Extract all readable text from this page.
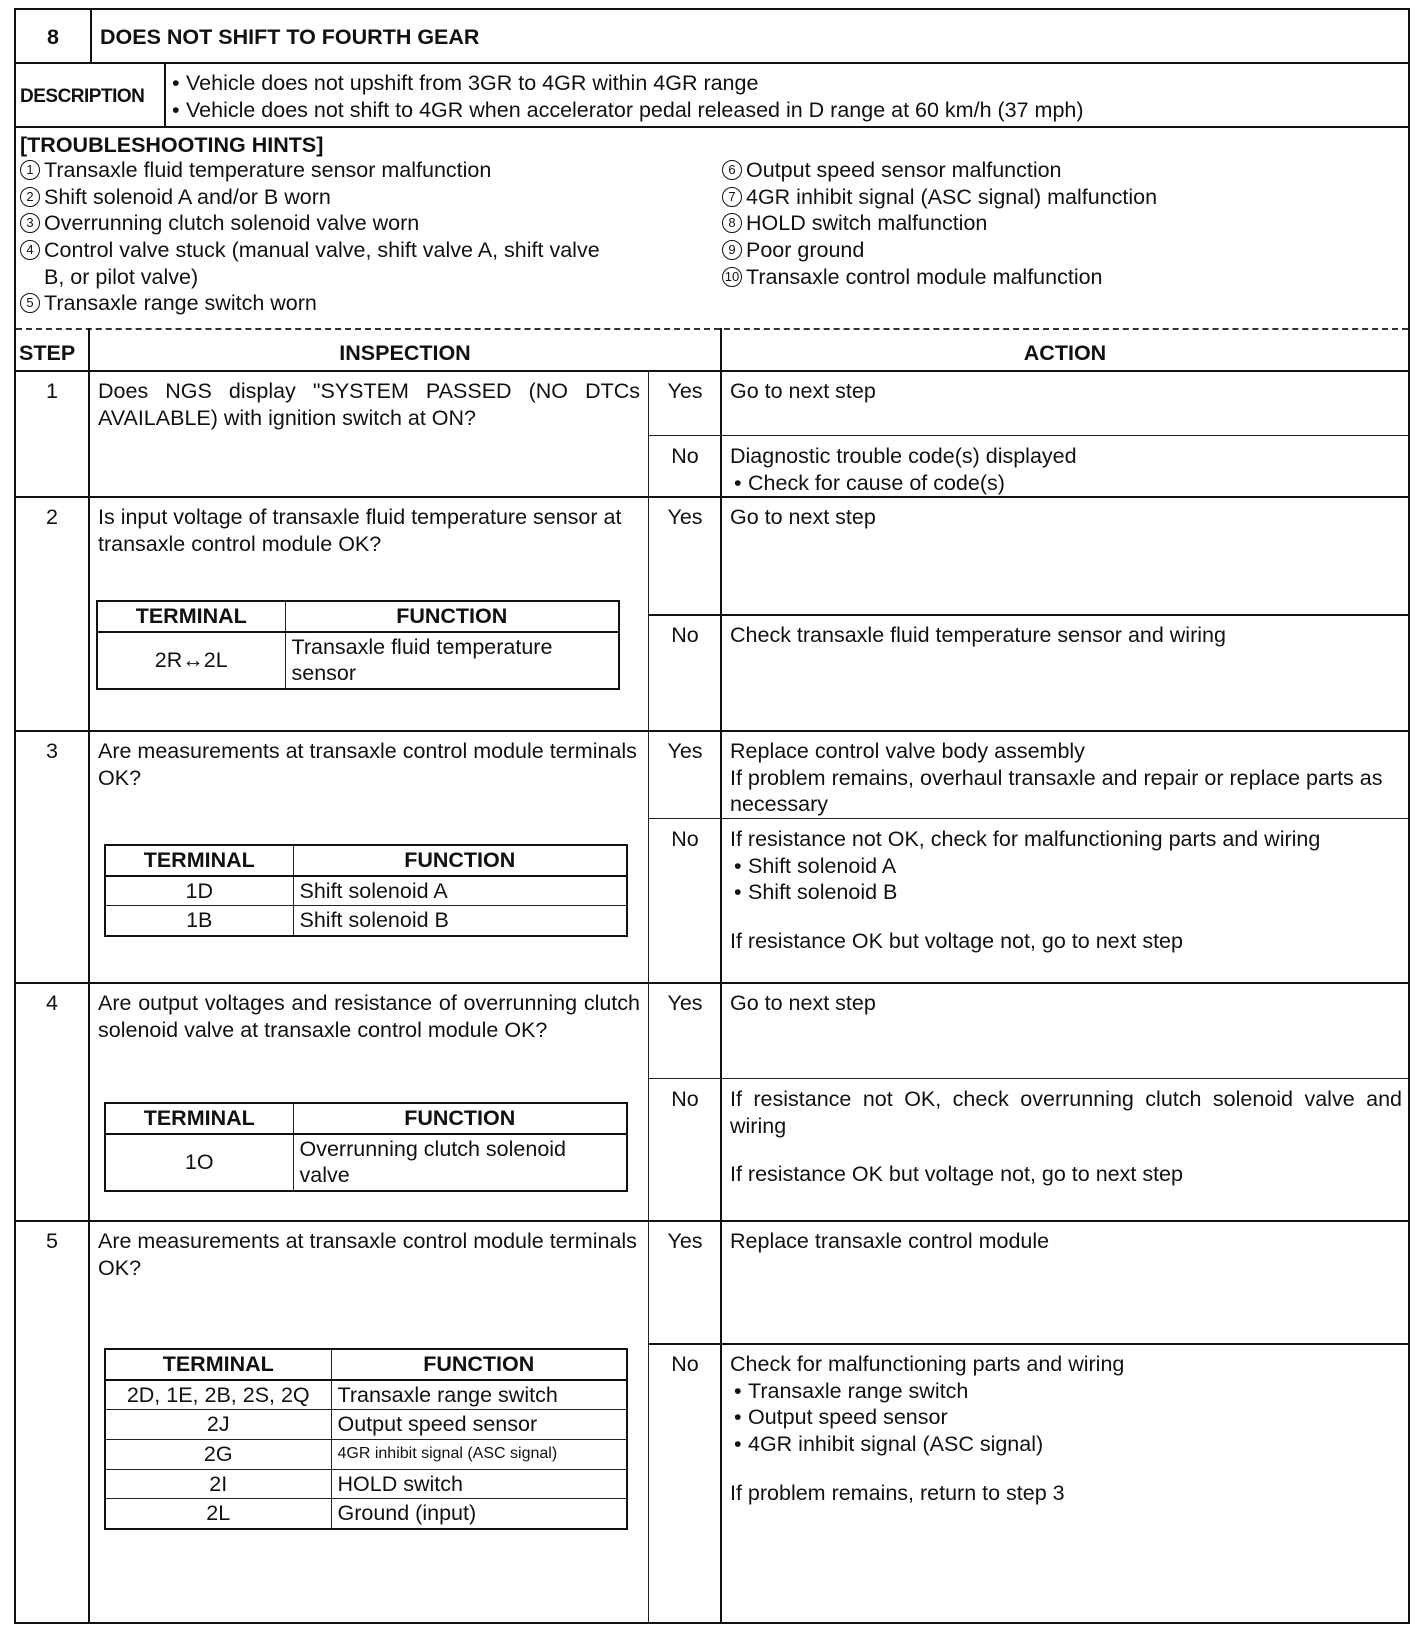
8	DOES NOT SHIFT TO FOURTH GEAR
DESCRIPTION
• Vehicle does not upshift from 3GR to 4GR within 4GR range
• Vehicle does not shift to 4GR when accelerator pedal released in D range at 60 km/h (37 mph)
[TROUBLESHOOTING HINTS]
1 Transaxle fluid temperature sensor malfunction
2 Shift solenoid A and/or B worn
3 Overrunning clutch solenoid valve worn
4 Control valve stuck (manual valve, shift valve A, shift valve B, or pilot valve)
5 Transaxle range switch worn
6 Output speed sensor malfunction
7 4GR inhibit signal (ASC signal) malfunction
8 HOLD switch malfunction
9 Poor ground
10 Transaxle control module malfunction
STEP	INSPECTION	ACTION
1	Does NGS display "SYSTEM PASSED (NO DTCs AVAILABLE) with ignition switch at ON?
Yes	Go to next step
No	Diagnostic trouble code(s) displayed
• Check for cause of code(s)
2	Is input voltage of transaxle fluid temperature sensor at transaxle control module OK?
TERMINAL	FUNCTION
2R↔2L	Transaxle fluid temperature sensor
Yes	Go to next step
No	Check transaxle fluid temperature sensor and wiring
3	Are measurements at transaxle control module terminals OK?
TERMINAL	FUNCTION
1D	Shift solenoid A
1B	Shift solenoid B
Yes	Replace control valve body assembly
If problem remains, overhaul transaxle and repair or replace parts as necessary
No	If resistance not OK, check for malfunctioning parts and wiring
• Shift solenoid A
• Shift solenoid B
If resistance OK but voltage not, go to next step
4	Are output voltages and resistance of overrunning clutch solenoid valve at transaxle control module OK?
TERMINAL	FUNCTION
1O	Overrunning clutch solenoid valve
Yes	Go to next step
No	If resistance not OK, check overrunning clutch solenoid valve and wiring
If resistance OK but voltage not, go to next step
5	Are measurements at transaxle control module terminals OK?
TERMINAL	FUNCTION
2D, 1E, 2B, 2S, 2Q	Transaxle range switch
2J	Output speed sensor
2G	4GR inhibit signal (ASC signal)
2I	HOLD switch
2L	Ground (input)
Yes	Replace transaxle control module
No	Check for malfunctioning parts and wiring
• Transaxle range switch
• Output speed sensor
• 4GR inhibit signal (ASC signal)
If problem remains, return to step 3
